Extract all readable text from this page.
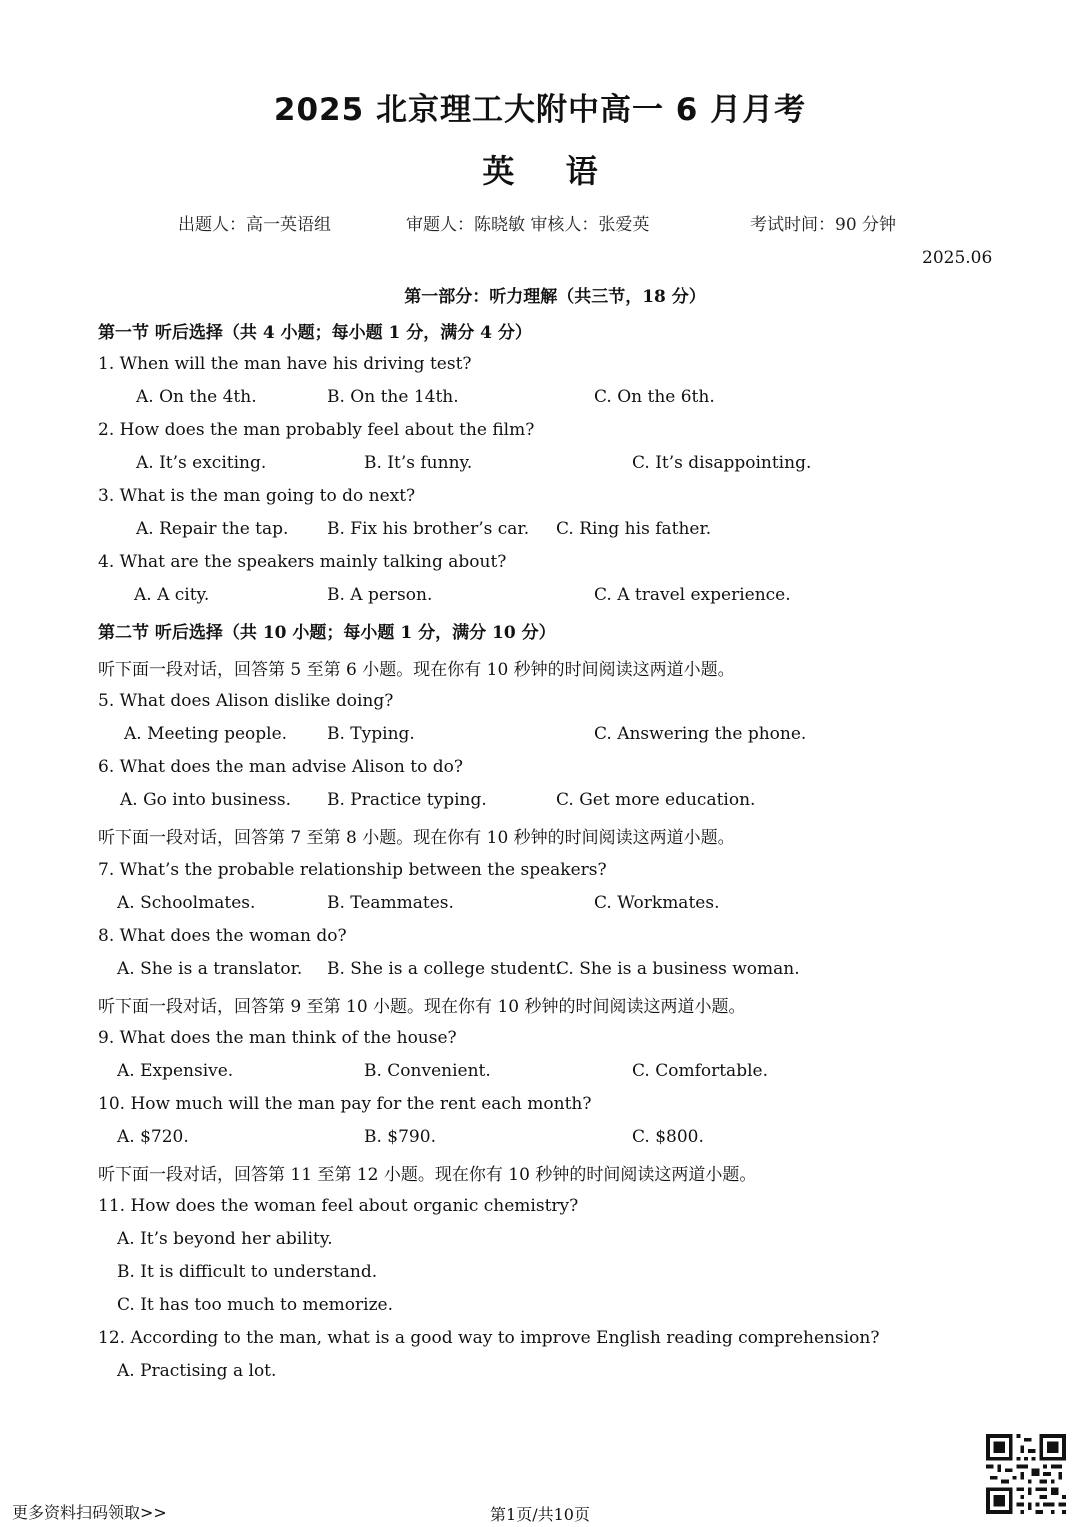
2025 北京理工大附中高一 6 月月考
英 语
出题人：高一英语组	审题人：陈晓敏 审核人：张爱英	考试时间：90 分钟
2025.06
第一部分：听力理解（共三节，18 分）
第一节 听后选择（共 4 小题；每小题 1 分，满分 4 分）
1. When will the man have his driving test?
A. On the 4th.	B. On the 14th.	C. On the 6th.
2. How does the man probably feel about the film?
A. It’s exciting.	B. It’s funny.	C. It’s disappointing.
3. What is the man going to do next?
A. Repair the tap. B. Fix his brother’s car. C. Ring his father.
4. What are the speakers mainly talking about?
A. A city.	B. A person.	C. A travel experience.
第二节 听后选择（共 10 小题；每小题 1 分，满分 10 分）
听下面一段对话，回答第 5 至第 6 小题。现在你有 10 秒钟的时间阅读这两道小题。
5. What does Alison dislike doing?
A. Meeting people. B. Typing.	C. Answering the phone.
6. What does the man advise Alison to do?
A. Go into business. B. Practice typing.	C. Get more education.
听下面一段对话，回答第 7 至第 8 小题。现在你有 10 秒钟的时间阅读这两道小题。
7. What’s the probable relationship between the speakers?
A. Schoolmates.	B. Teammates.	C. Workmates.
8. What does the woman do?
A. She is a translator. B. She is a college student.
C. She is a business woman.
听下面一段对话，回答第 9 至第 10 小题。现在你有 10 秒钟的时间阅读这两道小题。
9. What does the man think of the house?
A. Expensive.	B. Convenient.	C. Comfortable.
10. How much will the man pay for the rent each month?
A. $720.	B. $790.	C. $800.
听下面一段对话，回答第 11 至第 12 小题。现在你有 10 秒钟的时间阅读这两道小题。
11. How does the woman feel about organic chemistry?
A. It’s beyond her ability.
B. It is difficult to understand.
C. It has too much to memorize.
12. According to the man, what is a good way to improve English reading comprehension?
A. Practising a lot.
更多资料扫码领取>>	第1页/共10页
